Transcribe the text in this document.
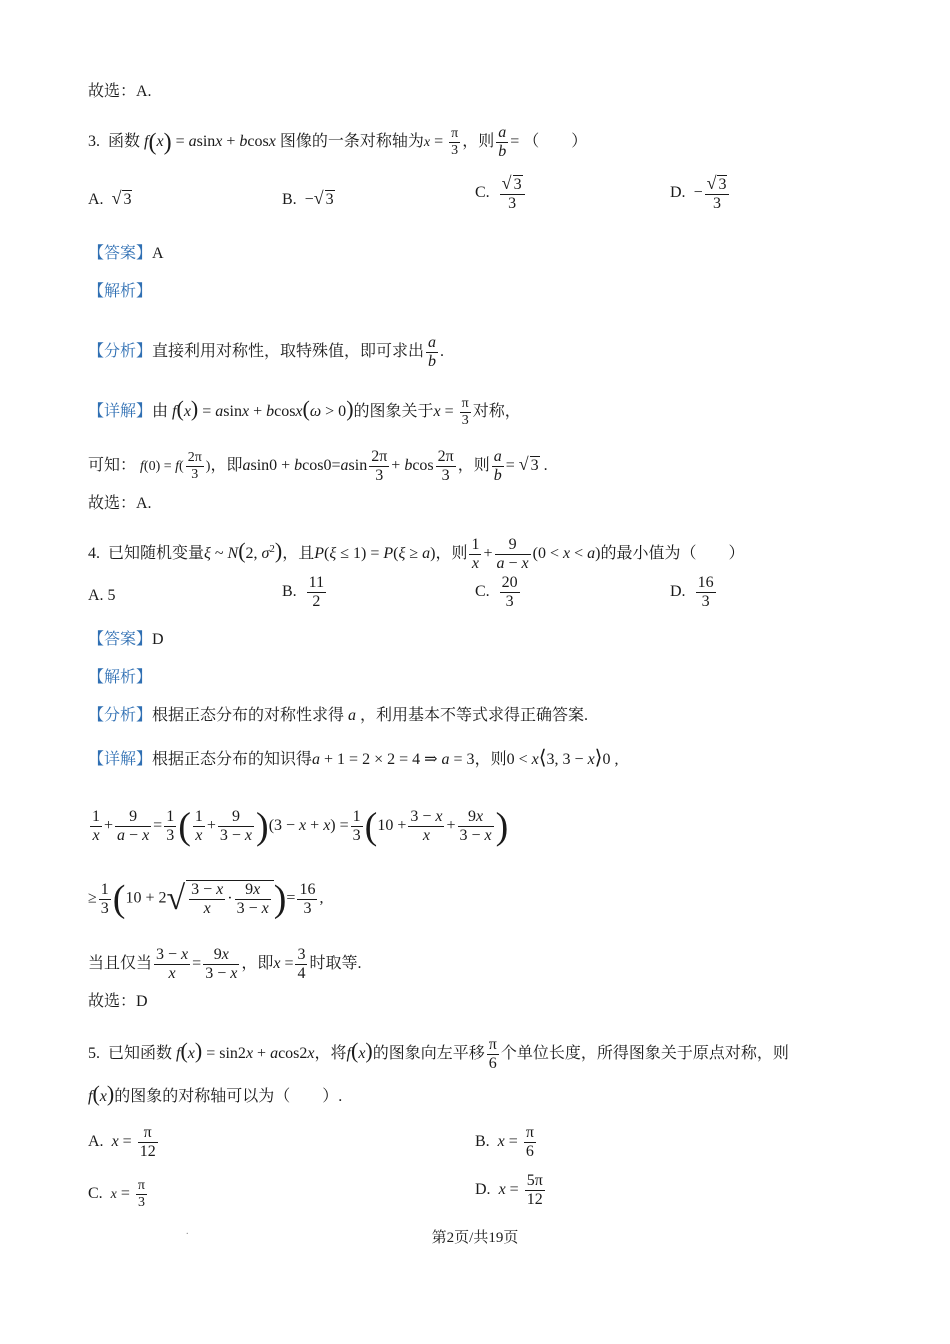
故选：A.
3. 函数 f(x) = asinx + bcosx 图像的一条对称轴为$x = \frac{\pi}{3}$ ，则 $\frac{a}{b}$ = （　　）
A. √ 3	B.  −√ 3	C. $\frac{√ 3}{3}$	D.  − $\frac{√ 3}{3}$
【答案】A
【解析】
【分析】直接利用对称性，取特殊值，即可求出 $\frac{a}{b}$ .
【详解】由 f(x) = asinx + bcosx(ω > 0)的图象关于$x = \frac{\pi}{3}$ 对称，
可知： $f(0) = f( \frac{2\pi}{3}$ )，即$asin0 + bcos0=asin \frac{2\pi}{3} + bcos \frac{2\pi}{3}$ ，则 $\frac{a}{b}$ = √ 3 .
故选：A.
4. 已知随机变量ξ ~ N(2, $\sigma^2$)，且P(ξ ≤ 1) = P(ξ ≥ a)，则 $\frac{1}{x} + \frac{9}{a - x} (0 < x < a)$的最小值为（　　）
A. 5	B. $\frac{11}{2}$	C. $\frac{20}{3}$	D. $\frac{16}{3}$
【答案】D
【解析】
【分析】根据正态分布的对称性求得 a ，利用基本不等式求得正确答案.
【详解】根据正态分布的知识得a + 1 = 2 × 2 = 4 ⇒ a = 3，则0 < x⟨3, 3 − x⟩0 ,
$\frac{1}{x} + \frac{9}{a - x} = \frac{1}{3}$ ( $\frac{1}{x} + \frac{9}{3 - x} )(3 - x + x) = \frac{1}{3} (10 + \frac{3 - x}{x} + \frac{9x}{3 - x}$ )
≥ $\frac{1}{3} (10 + 2√ \frac{3 - x}{x} \cdot \frac{9x}{3 - x}$ )= $\frac{16}{3}$ ,
当且仅当 $\frac{3 - x}{x} = \frac{9x}{3 - x}$ ，即$x = \frac{3}{4}$ 时取等.
故选：D
5. 已知函数 f(x) = sin2x + acos2x，将f(x)的图象向左平移 $\frac{\pi}{6}$ 个单位长度，所得图象关于原点对称，则
f(x)的图象的对称轴可以为（　　）.
A. $x = \frac{\pi}{12}$	B. $x = \frac{\pi}{6}$
C. $x = \frac{\pi}{3}$	D. $x = \frac{5\pi}{12}$
.	第2页/共19页
